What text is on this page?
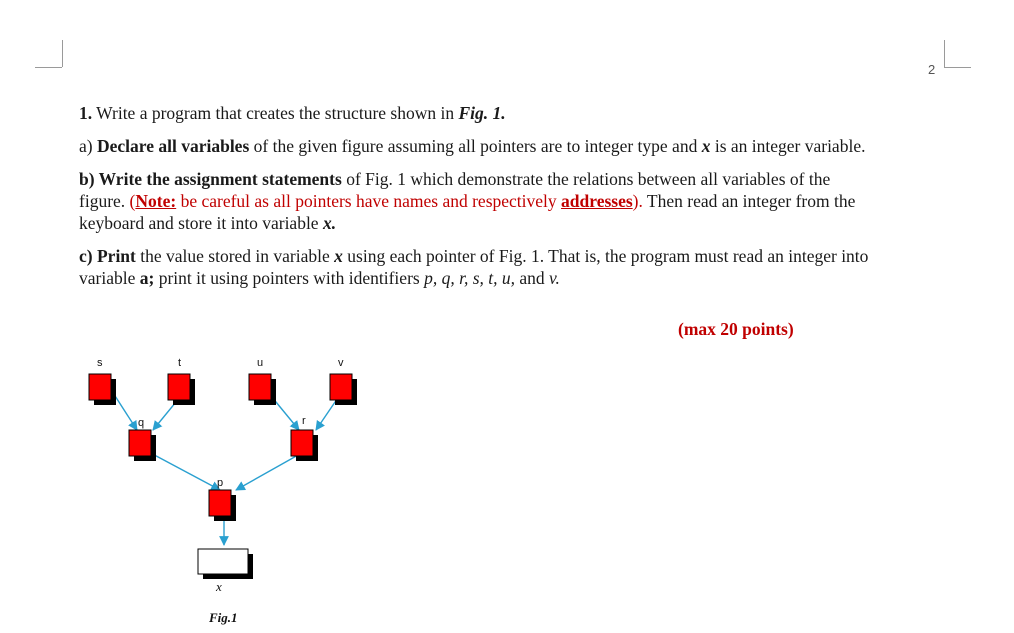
2

1. Write a program that creates the structure shown in Fig. 1.

a) Declare all variables of the given figure assuming all pointers are to integer type and x is an integer variable.

b) Write the assignment statements of Fig. 1 which demonstrate the relations between all variables of the figure. (Note: be careful as all pointers have names and respectively addresses). Then read an integer from the keyboard and store it into variable x.

c) Print the value stored in variable x using each pointer of Fig. 1. That is, the program must read an integer into variable a; print it using pointers with identifiers p, q, r, s, t, u, and v.

(max 20 points)
s	t	u	v
q	r
p
x
Fig.1
